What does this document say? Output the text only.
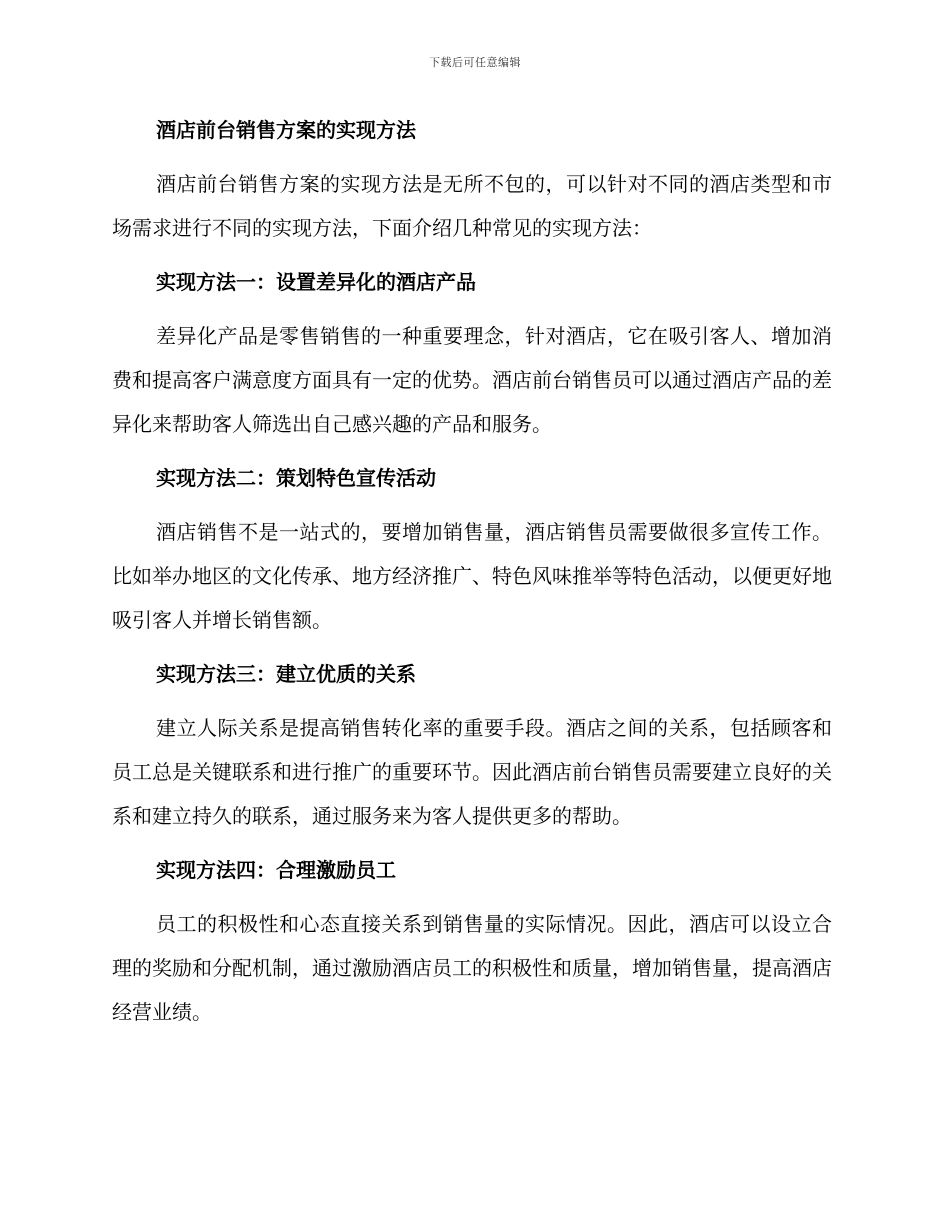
下载后可任意编辑
酒店前台销售方案的实现方法

酒店前台销售方案的实现方法是无所不包的，可以针对不同的酒店类型和市场需求进行不同的实现方法，下面介绍几种常见的实现方法：

实现方法一：设置差异化的酒店产品

差异化产品是零售销售的一种重要理念，针对酒店，它在吸引客人、增加消费和提高客户满意度方面具有一定的优势。酒店前台销售员可以通过酒店产品的差异化来帮助客人筛选出自己感兴趣的产品和服务。

实现方法二：策划特色宣传活动

酒店销售不是一站式的，要增加销售量，酒店销售员需要做很多宣传工作。比如举办地区的文化传承、地方经济推广、特色风味推举等特色活动，以便更好地吸引客人并增长销售额。

实现方法三：建立优质的关系

建立人际关系是提高销售转化率的重要手段。酒店之间的关系，包括顾客和员工总是关键联系和进行推广的重要环节。因此酒店前台销售员需要建立良好的关系和建立持久的联系，通过服务来为客人提供更多的帮助。

实现方法四：合理激励员工

员工的积极性和心态直接关系到销售量的实际情况。因此，酒店可以设立合理的奖励和分配机制，通过激励酒店员工的积极性和质量，增加销售量，提高酒店经营业绩。
